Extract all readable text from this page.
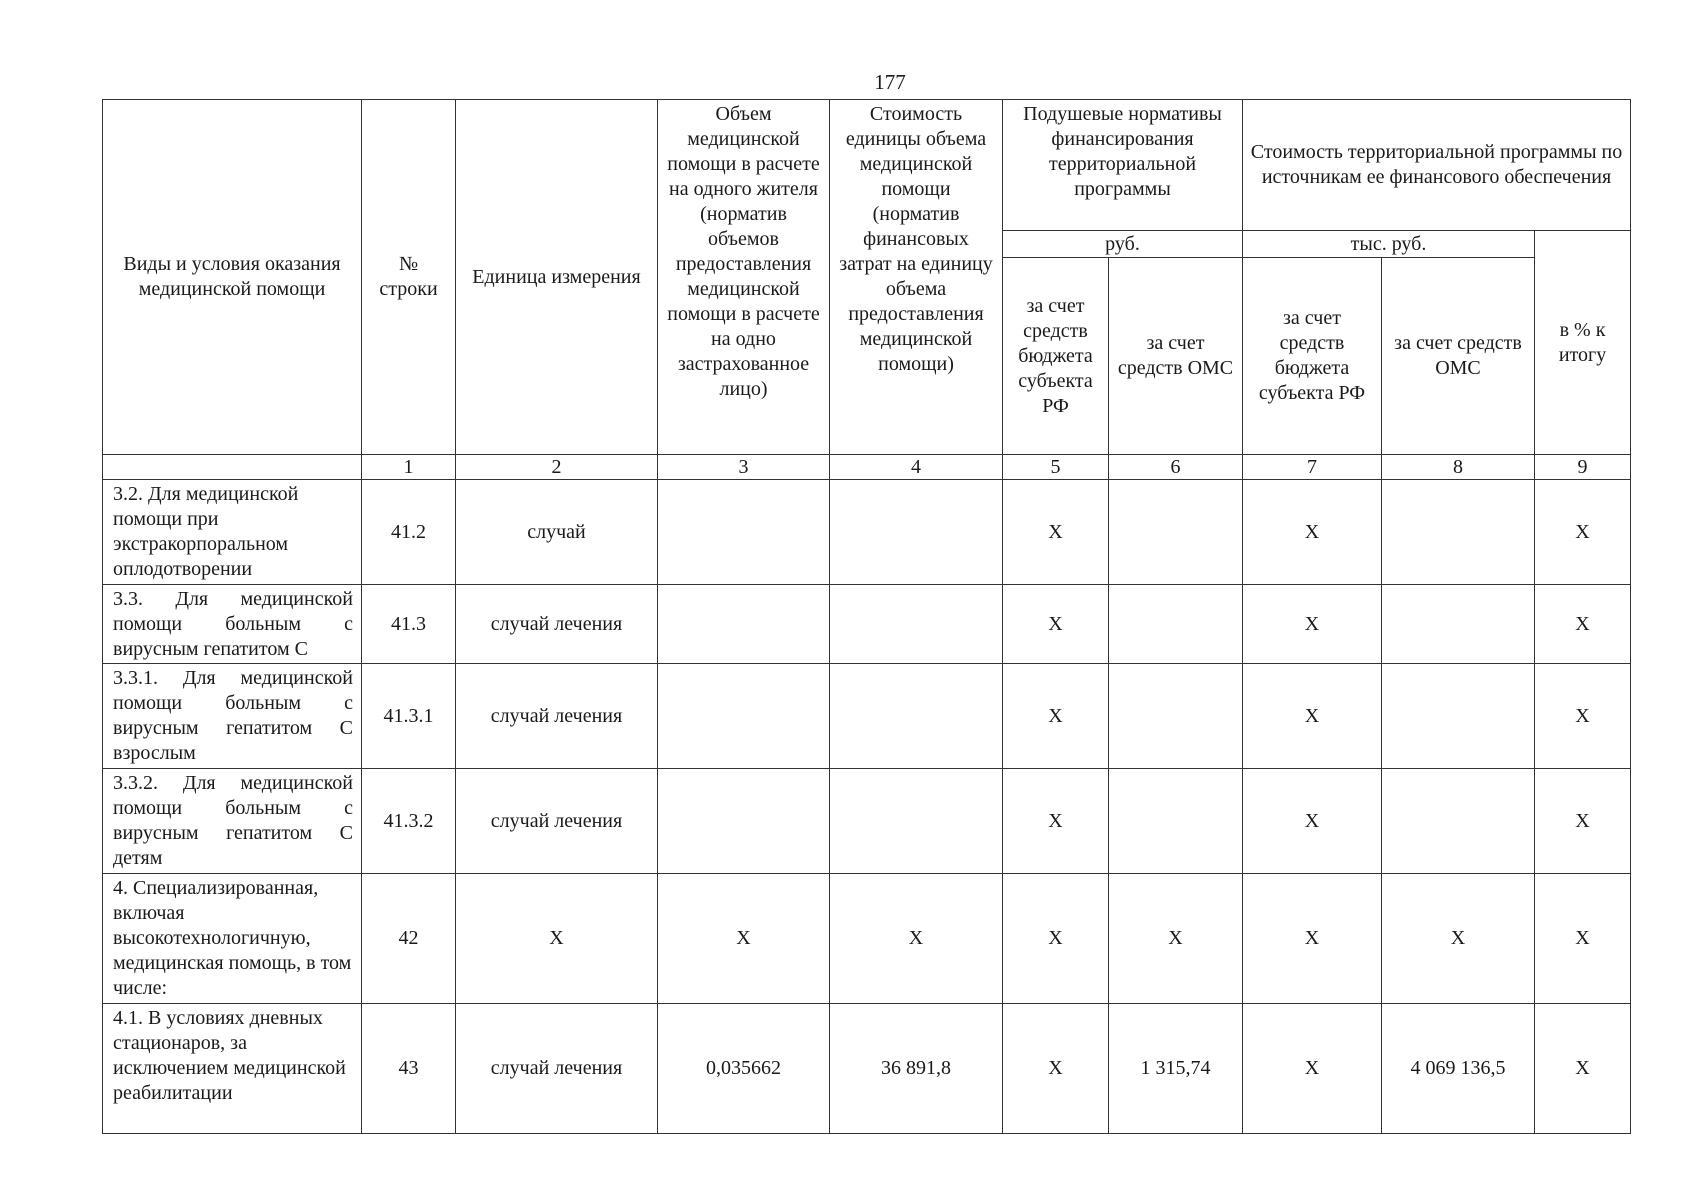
177
Виды и условия оказания медицинской помощи	№ строки	Единица измерения	Объем медицинской помощи в расчете на одного жителя (норматив объемов предоставления медицинской помощи в расчете на одно застрахованное лицо)	Стоимость единицы объема медицинской помощи (норматив финансовых затрат на единицу объема предоставления медицинской помощи)	Подушевые нормативы финансирования территориальной программы		Стоимость территориальной программы по источникам ее финансового обеспечения		
					руб.		тыс. руб.		в % к итогу
					за счет средств бюджета субъекта РФ	за счет средств ОМС	за счет средств бюджета субъекта РФ	за счет средств ОМС	
	1	2	3	4	5	6	7	8	9
3.2. Для медицинской помощи при экстракорпоральном оплодотворении	41.2	случай			X		X		X
3.3. Для медицинской помощи больным с вирусным гепатитом С	41.3	случай лечения			X		X		X
3.3.1. Для медицинской помощи больным с вирусным гепатитом С взрослым	41.3.1	случай лечения			X		X		X
3.3.2. Для медицинской помощи больным с вирусным гепатитом С детям	41.3.2	случай лечения			X		X		X
4. Специализированная, включая высокотехнологичную, медицинская помощь, в том числе:	42	X	X	X	X	X	X	X	X
4.1. В условиях дневных стационаров, за исключением медицинской реабилитации	43	случай лечения	0,035662	36 891,8	X	1 315,74	X	4 069 136,5	X
